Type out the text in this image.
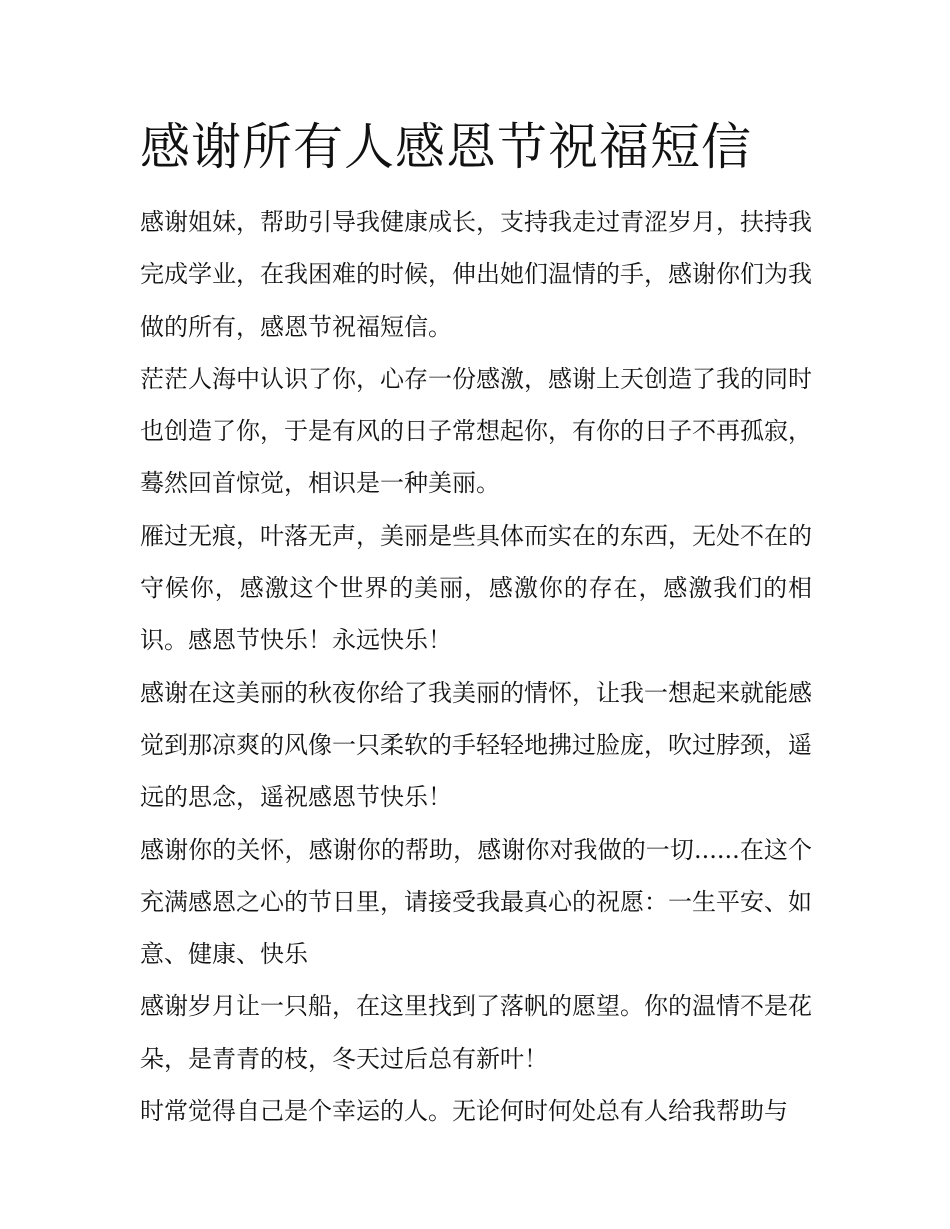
感谢所有人感恩节祝福短信

感谢姐妹，帮助引导我健康成长，支持我走过青涩岁月，扶持我完成学业，在我困难的时候，伸出她们温情的手，感谢你们为我做的所有，感恩节祝福短信。

茫茫人海中认识了你，心存一份感激，感谢上天创造了我的同时也创造了你，于是有风的日子常想起你，有你的日子不再孤寂，蓦然回首惊觉，相识是一种美丽。

雁过无痕，叶落无声，美丽是些具体而实在的东西，无处不在的守候你，感激这个世界的美丽，感激你的存在，感激我们的相识。感恩节快乐！永远快乐！

感谢在这美丽的秋夜你给了我美丽的情怀，让我一想起来就能感觉到那凉爽的风像一只柔软的手轻轻地拂过脸庞，吹过脖颈，遥远的思念，遥祝感恩节快乐！

感谢你的关怀，感谢你的帮助，感谢你对我做的一切......在这个充满感恩之心的节日里，请接受我最真心的祝愿：一生平安、如意、健康、快乐

感谢岁月让一只船，在这里找到了落帆的愿望。你的温情不是花朵，是青青的枝，冬天过后总有新叶！

时常觉得自己是个幸运的人。无论何时何处总有人给我帮助与
